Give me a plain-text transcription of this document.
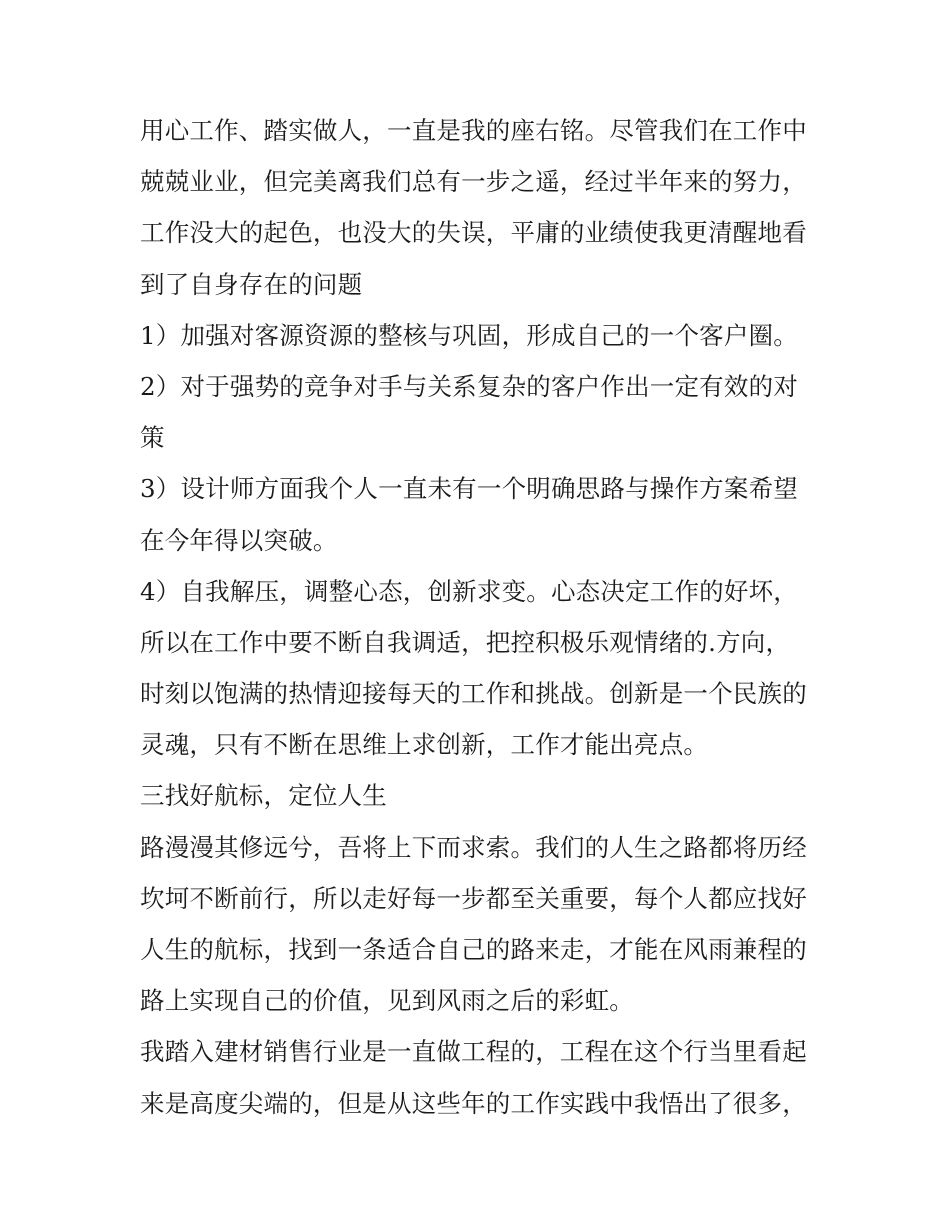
用心工作、踏实做人，一直是我的座右铭。尽管我们在工作中
兢兢业业，但完美离我们总有一步之遥，经过半年来的努力，
工作没大的起色，也没大的失误，平庸的业绩使我更清醒地看
到了自身存在的问题
1）加强对客源资源的整核与巩固，形成自己的一个客户圈。
2）对于强势的竞争对手与关系复杂的客户作出一定有效的对
策
3）设计师方面我个人一直未有一个明确思路与操作方案希望
在今年得以突破。
4）自我解压，调整心态，创新求变。心态决定工作的好坏，
所以在工作中要不断自我调适，把控积极乐观情绪的.方向，
时刻以饱满的热情迎接每天的工作和挑战。创新是一个民族的
灵魂，只有不断在思维上求创新，工作才能出亮点。
三找好航标，定位人生
路漫漫其修远兮，吾将上下而求索。我们的人生之路都将历经
坎坷不断前行，所以走好每一步都至关重要，每个人都应找好
人生的航标，找到一条适合自己的路来走，才能在风雨兼程的
路上实现自己的价值，见到风雨之后的彩虹。
我踏入建材销售行业是一直做工程的，工程在这个行当里看起
来是高度尖端的，但是从这些年的工作实践中我悟出了很多，
